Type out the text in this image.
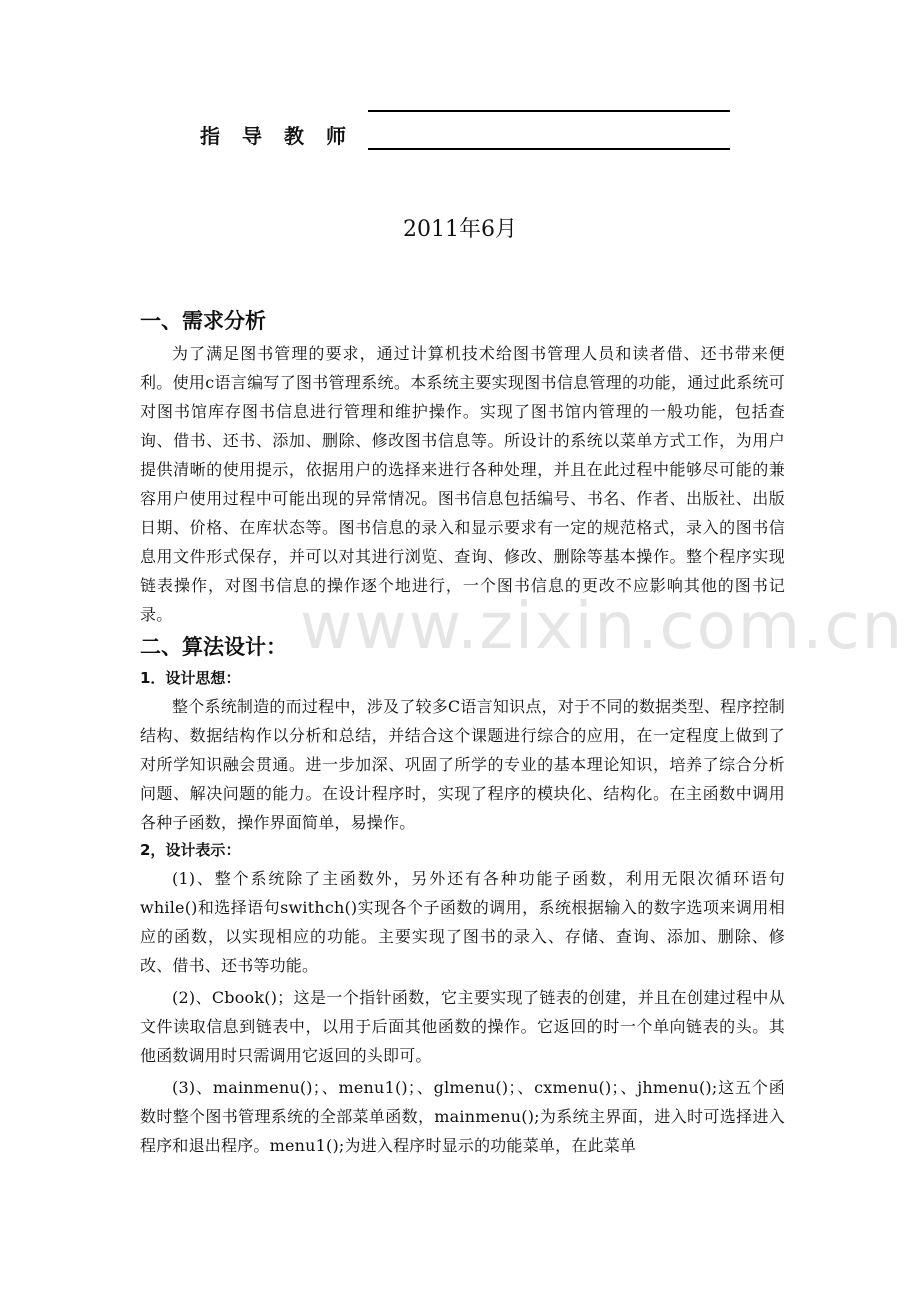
指导教师
2011年6月
www.zixin.com.cn
一、需求分析

为了满足图书管理的要求，通过计算机技术给图书管理人员和读者借、还书带来便利。使用c语言编写了图书管理系统。本系统主要实现图书信息管理的功能，通过此系统可对图书馆库存图书信息进行管理和维护操作。实现了图书馆内管理的一般功能，包括查询、借书、还书、添加、删除、修改图书信息等。所设计的系统以菜单方式工作，为用户提供清晰的使用提示，依据用户的选择来进行各种处理，并且在此过程中能够尽可能的兼容用户使用过程中可能出现的异常情况。图书信息包括编号、书名、作者、出版社、出版日期、价格、在库状态等。图书信息的录入和显示要求有一定的规范格式，录入的图书信息用文件形式保存，并可以对其进行浏览、查询、修改、删除等基本操作。整个程序实现链表操作，对图书信息的操作逐个地进行，一个图书信息的更改不应影响其他的图书记录。

二、算法设计：
1．设计思想：

整个系统制造的而过程中，涉及了较多C语言知识点，对于不同的数据类型、程序控制结构、数据结构作以分析和总结，并结合这个课题进行综合的应用，在一定程度上做到了对所学知识融会贯通。进一步加深、巩固了所学的专业的基本理论知识，培养了综合分析问题、解决问题的能力。在设计程序时，实现了程序的模块化、结构化。在主函数中调用各种子函数，操作界面简单，易操作。

2，设计表示：

(1)、整个系统除了主函数外，另外还有各种功能子函数，利用无限次循环语句while()和选择语句swithch()实现各个子函数的调用，系统根据输入的数字选项来调用相应的函数，以实现相应的功能。主要实现了图书的录入、存储、查询、添加、删除、修改、借书、还书等功能。

(2)、Cbook()；这是一个指针函数，它主要实现了链表的创建，并且在创建过程中从文件读取信息到链表中，以用于后面其他函数的操作。它返回的时一个单向链表的头。其他函数调用时只需调用它返回的头即可。

(3)、mainmenu()；、menu1()；、glmenu()；、cxmenu()；、jhmenu();这五个函数时整个图书管理系统的全部菜单函数，mainmenu();为系统主界面，进入时可选择进入程序和退出程序。menu1();为进入程序时显示的功能菜单，在此菜单
